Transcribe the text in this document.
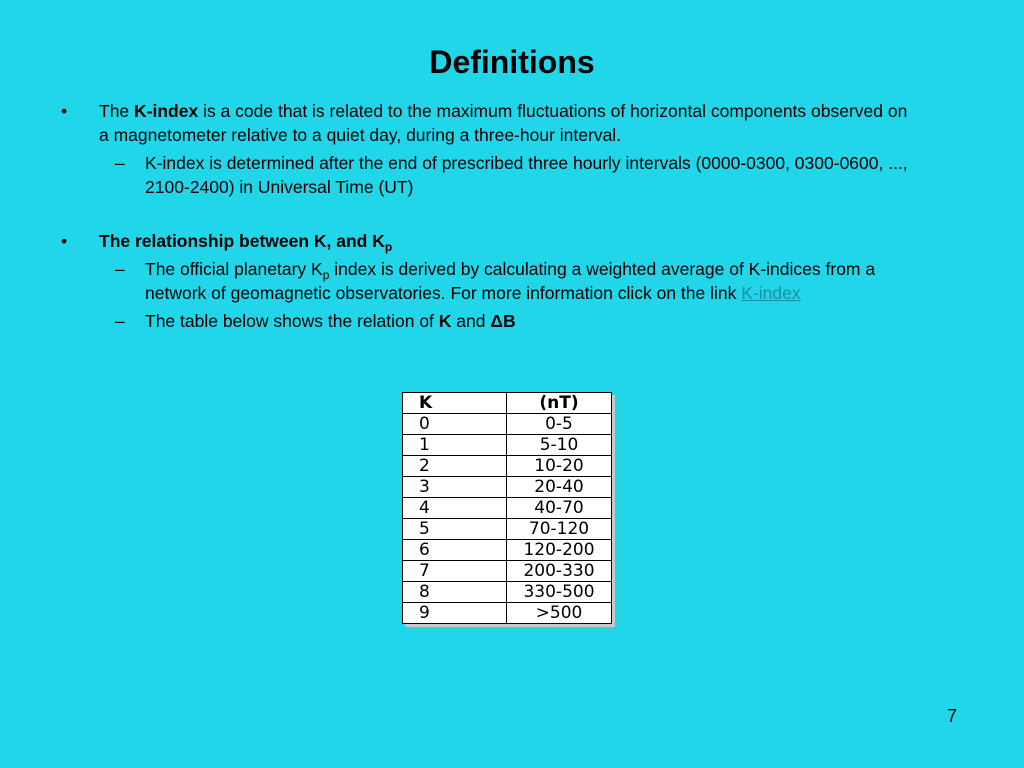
Definitions
• The K-index is a code that is related to the maximum fluctuations of horizontal components observed on a magnetometer relative to a quiet day, during a three-hour interval.
– K-index is determined after the end of prescribed three hourly intervals (0000-0300, 0300-0600, ..., 2100-2400) in Universal Time (UT)
• The relationship between K, and $K_p$
– The official planetary $K_p$ index is derived by calculating a weighted average of K-indices from a network of geomagnetic observatories. For more information click on the link K-index
– The table below shows the relation of K and ΔB
K	(nT)
0	0-5
1	5-10
2	10-20
3	20-40
4	40-70
5	70-120
6	120-200
7	200-330
8	330-500
9	>500
7
